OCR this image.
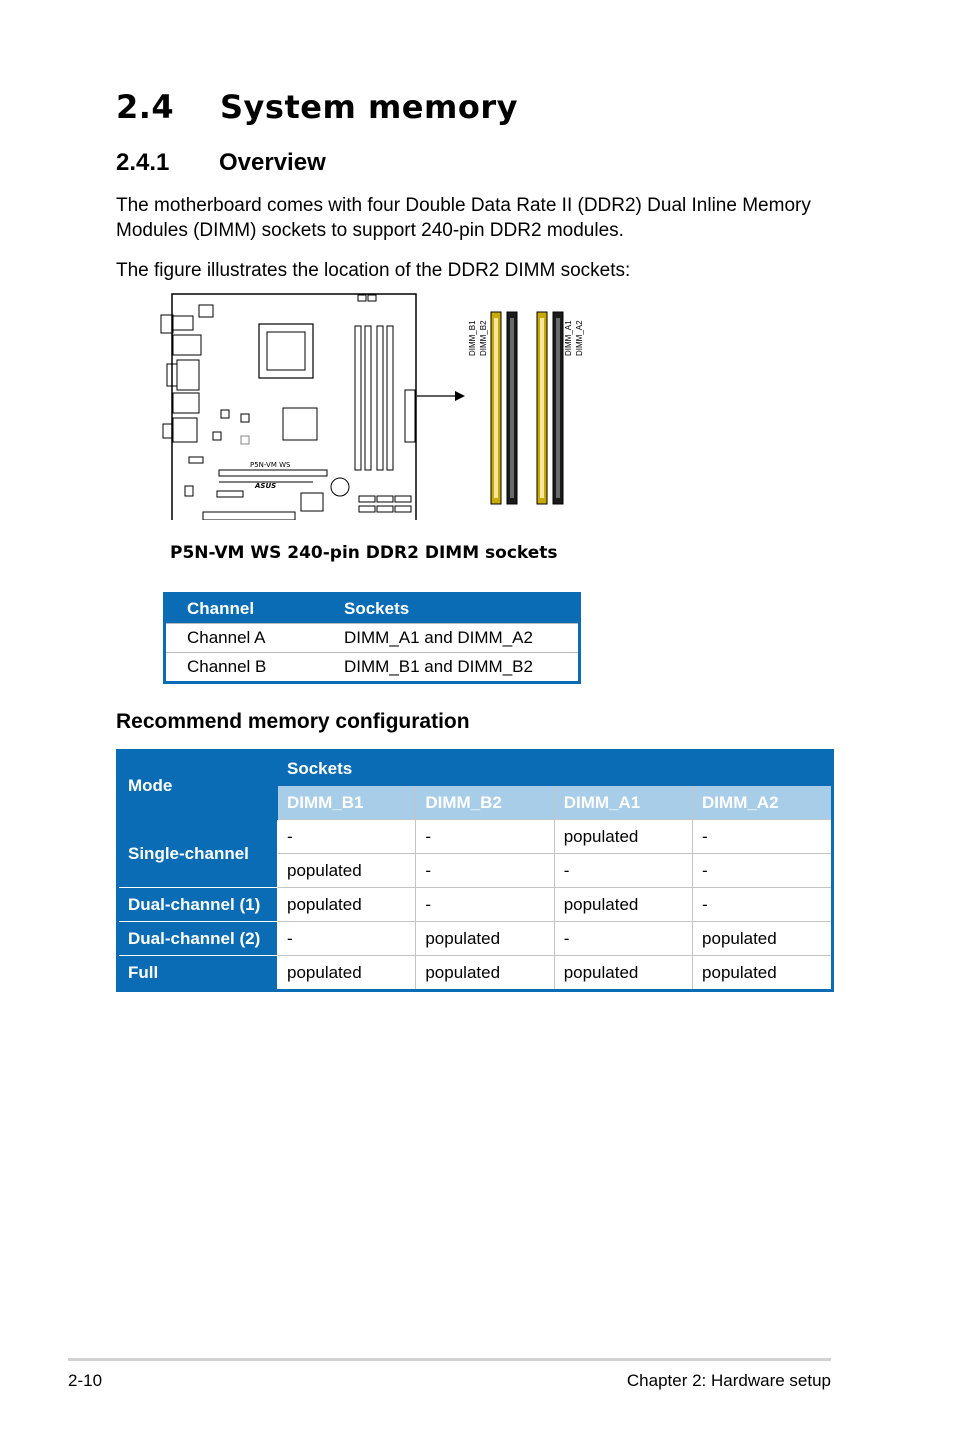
2.4 System memory
2.4.1 Overview
The motherboard comes with four Double Data Rate II (DDR2) Dual Inline Memory Modules (DIMM) sockets to support 240-pin DDR2 modules.
The figure illustrates the location of the DDR2 DIMM sockets:
P5N-VM WS
ASUS
DIMM_B1 DIMM_B2	DIMM_A1 DIMM_A2
P5N-VM WS 240-pin DDR2 DIMM sockets
Channel	Sockets
Channel A	DIMM_A1 and DIMM_A2
Channel B	DIMM_B1 and DIMM_B2
Recommend memory configuration
Mode	Sockets			
	DIMM_B1	DIMM_B2	DIMM_A1	DIMM_A2
Single-channel	-	-	populated	-
	populated	-	-	-
Dual-channel (1)	populated	-	populated	-
Dual-channel (2)	-	populated	-	populated
Full	populated	populated	populated	populated
2-10	Chapter 2: Hardware setup
